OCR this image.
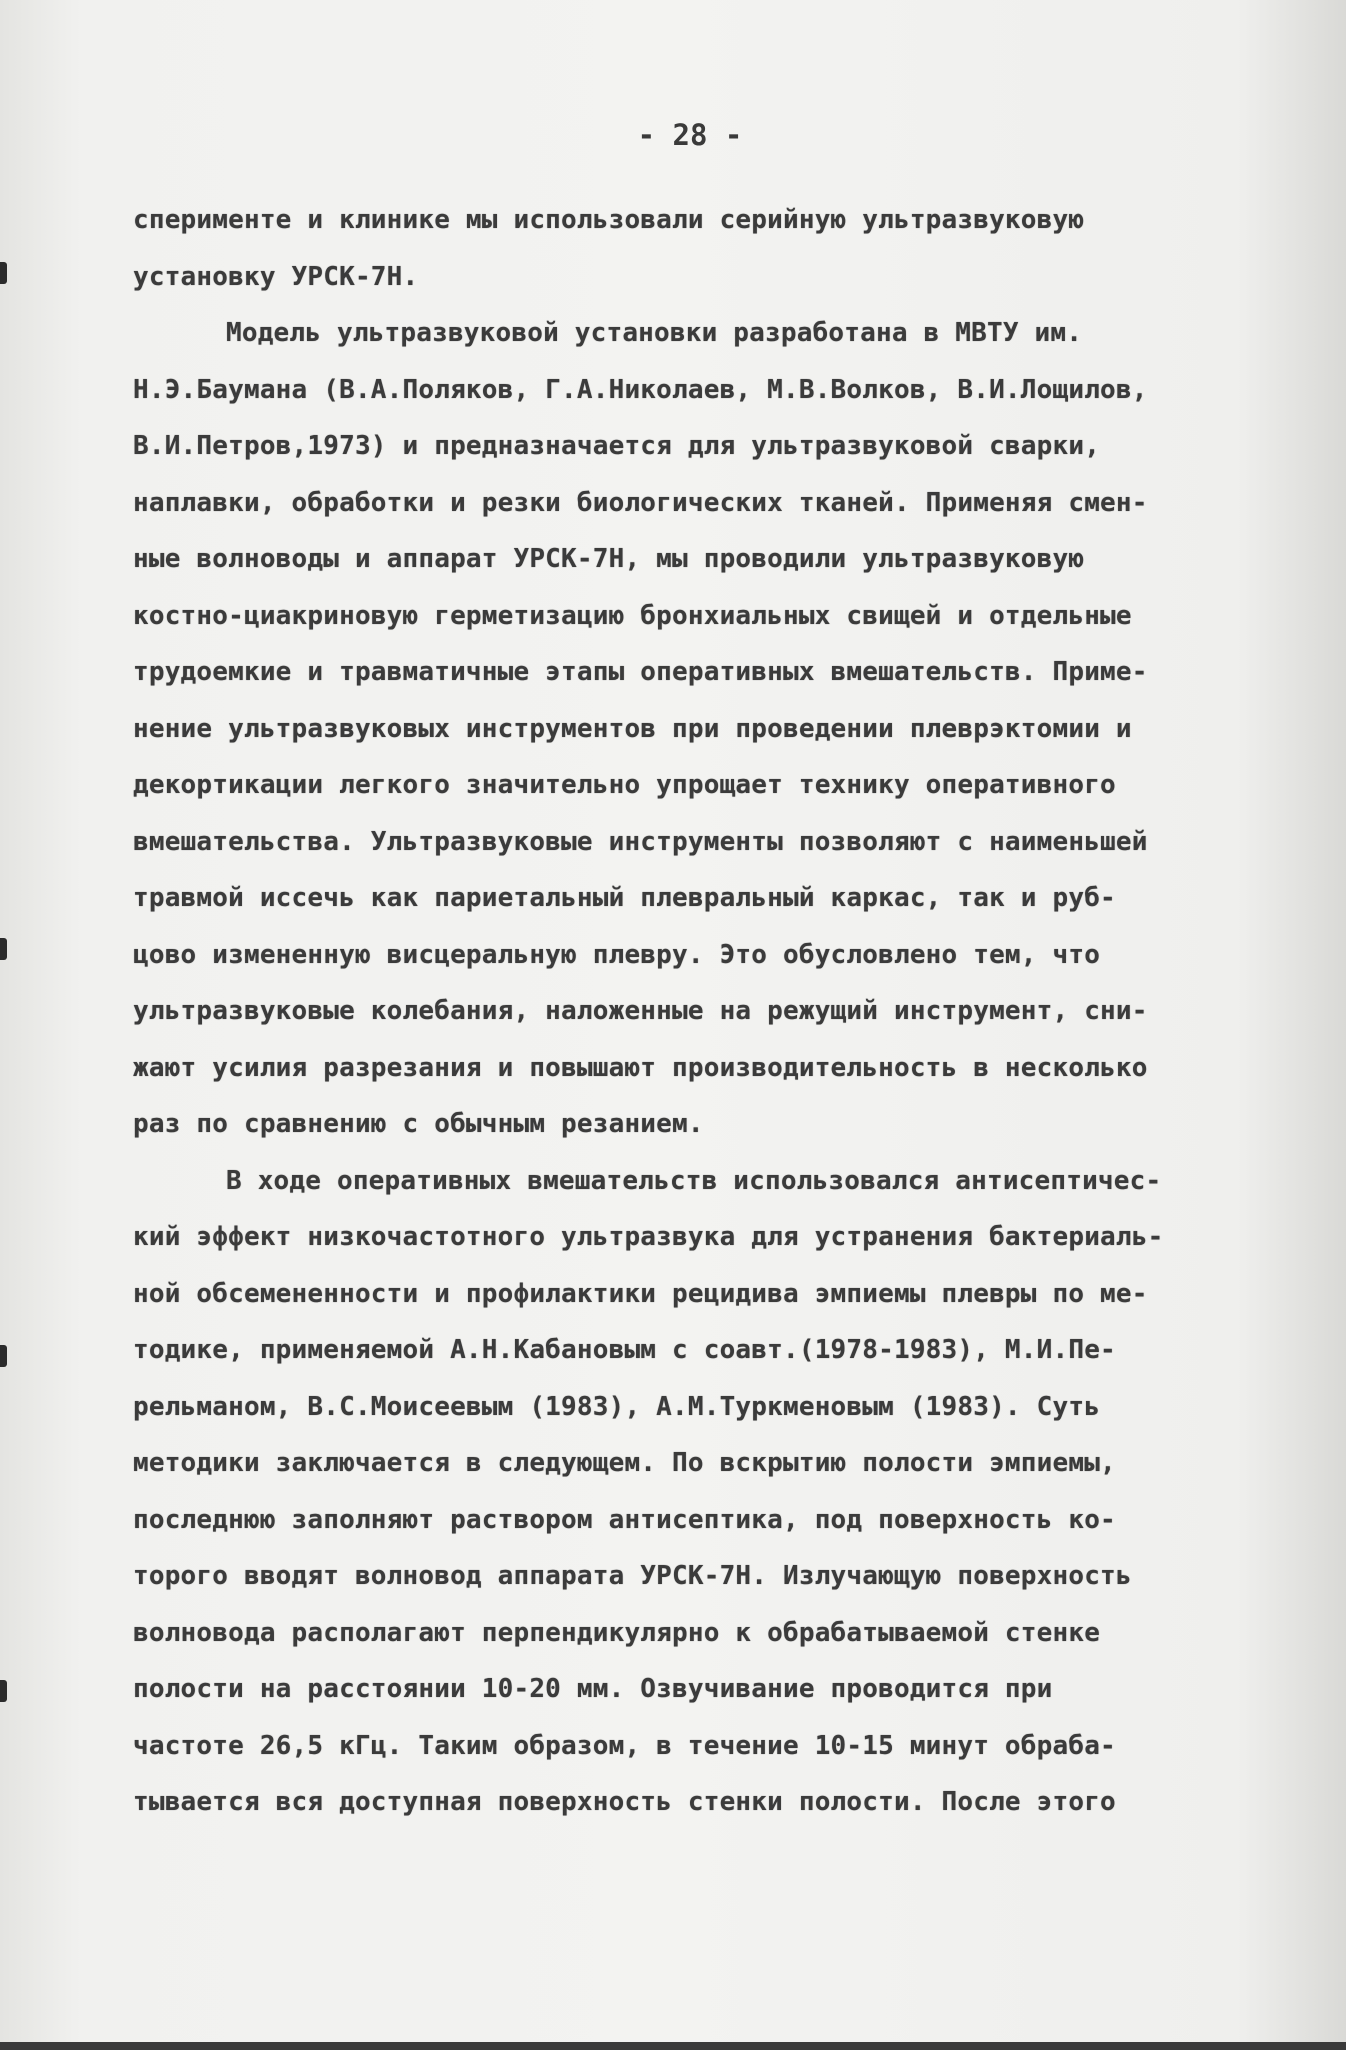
- 28 -
сперименте и клинике мы использовали серийную ультразвуковую
установку УРСК-7Н.
Модель ультразвуковой установки разработана в МВТУ им.
Н.Э.Баумана (В.А.Поляков, Г.А.Николаев, М.В.Волков, В.И.Лощилов,
В.И.Петров,1973) и предназначается для ультразвуковой сварки,
наплавки, обработки и резки биологических тканей. Применяя смен-
ные волноводы и аппарат УРСК-7Н, мы проводили ультразвуковую
костно-циакриновую герметизацию бронхиальных свищей и отдельные
трудоемкие и травматичные этапы оперативных вмешательств. Приме-
нение ультразвуковых инструментов при проведении плеврэктомии и
декортикации легкого значительно упрощает технику оперативного
вмешательства. Ультразвуковые инструменты позволяют с наименьшей
травмой иссечь как париетальный плевральный каркас, так и руб-
цово измененную висцеральную плевру. Это обусловлено тем, что
ультразвуковые колебания, наложенные на режущий инструмент, сни-
жают усилия разрезания и повышают производительность в несколько
раз по сравнению с обычным резанием.
В ходе оперативных вмешательств использовался антисептичес-
кий эффект низкочастотного ультразвука для устранения бактериаль-
ной обсемененности и профилактики рецидива эмпиемы плевры по ме-
тодике, применяемой А.Н.Кабановым с соавт.(1978-1983), М.И.Пе-
рельманом, В.С.Моисеевым (1983), А.М.Туркменовым (1983). Суть
методики заключается в следующем. По вскрытию полости эмпиемы,
последнюю заполняют раствором антисептика, под поверхность ко-
торого вводят волновод аппарата УРСК-7Н. Излучающую поверхность
волновода располагают перпендикулярно к обрабатываемой стенке
полости на расстоянии 10-20 мм. Озвучивание проводится при
частоте 26,5 кГц. Таким образом, в течение 10-15 минут обраба-
тывается вся доступная поверхность стенки полости. После этого
